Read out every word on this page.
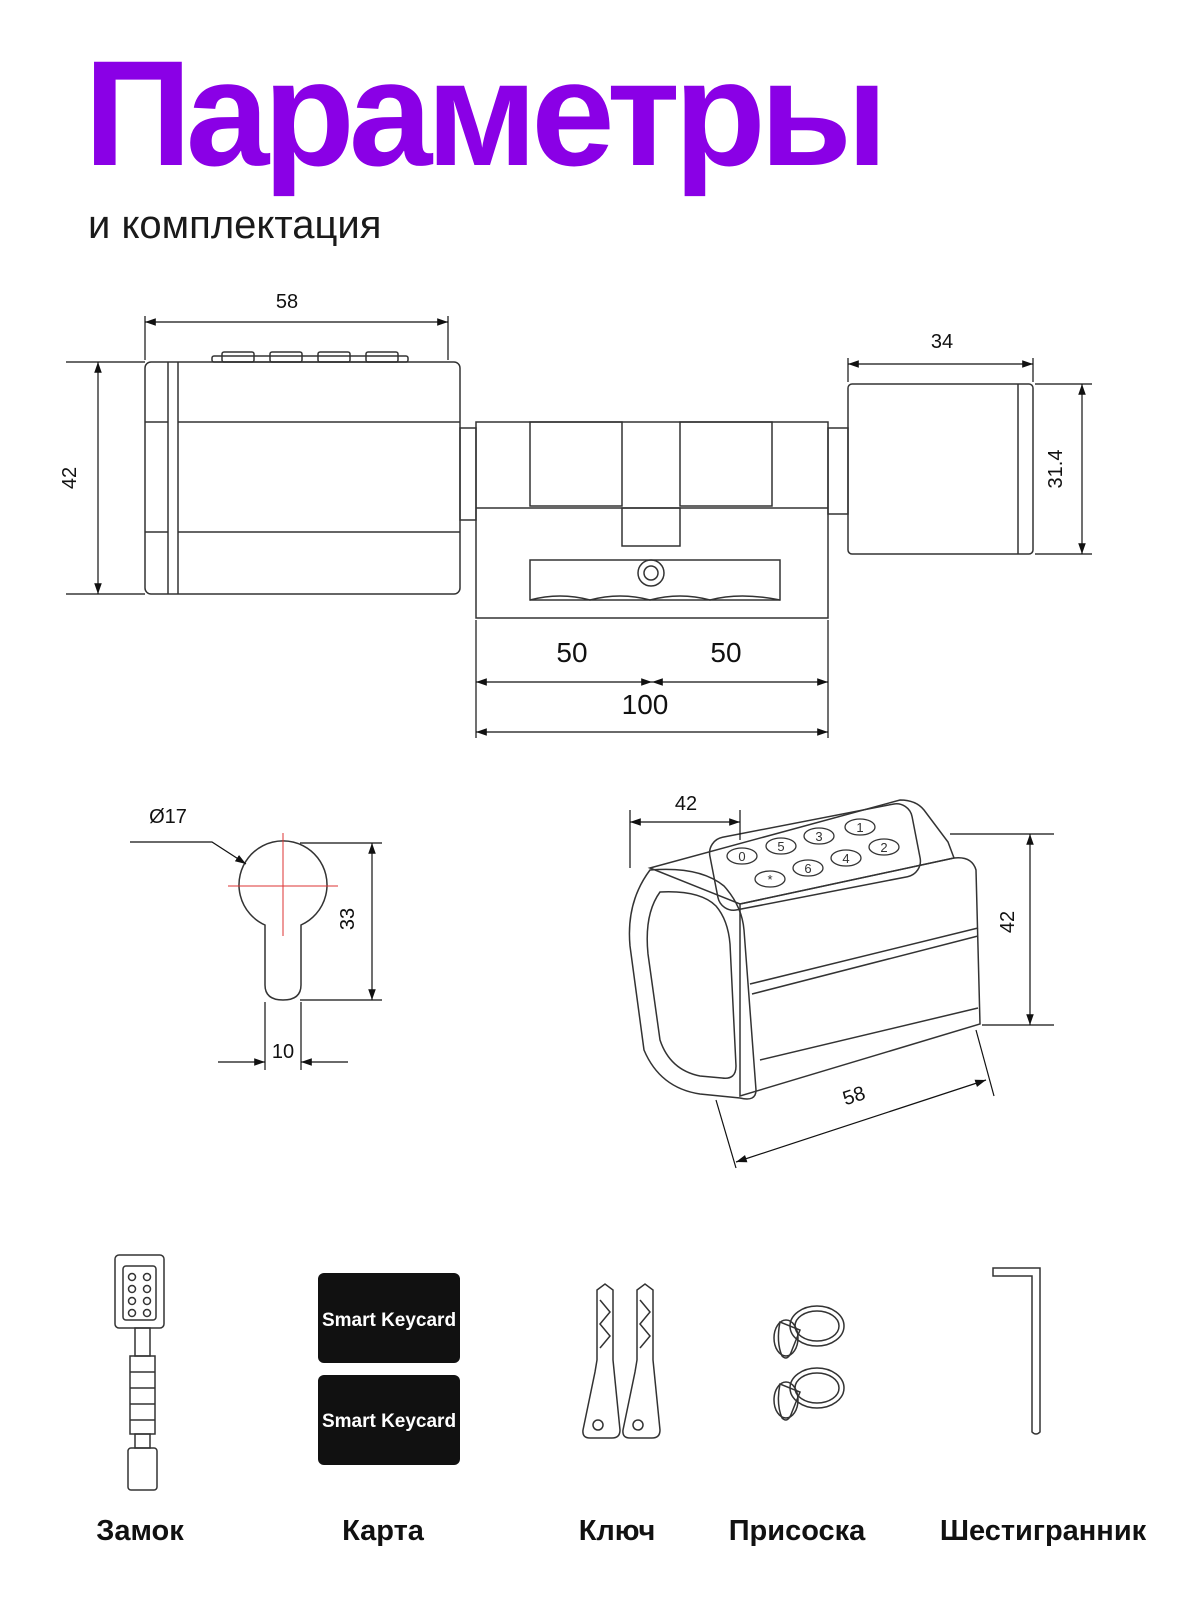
Параметры
и комплектация
58
42
34
31.4
50	50
100
Ø17
33
10
1
3
5
0
2
4
6
*
42
42
58
Smart Keycard
Smart Keycard
Замок	Карта	Ключ	Присоска	Шестигранник
